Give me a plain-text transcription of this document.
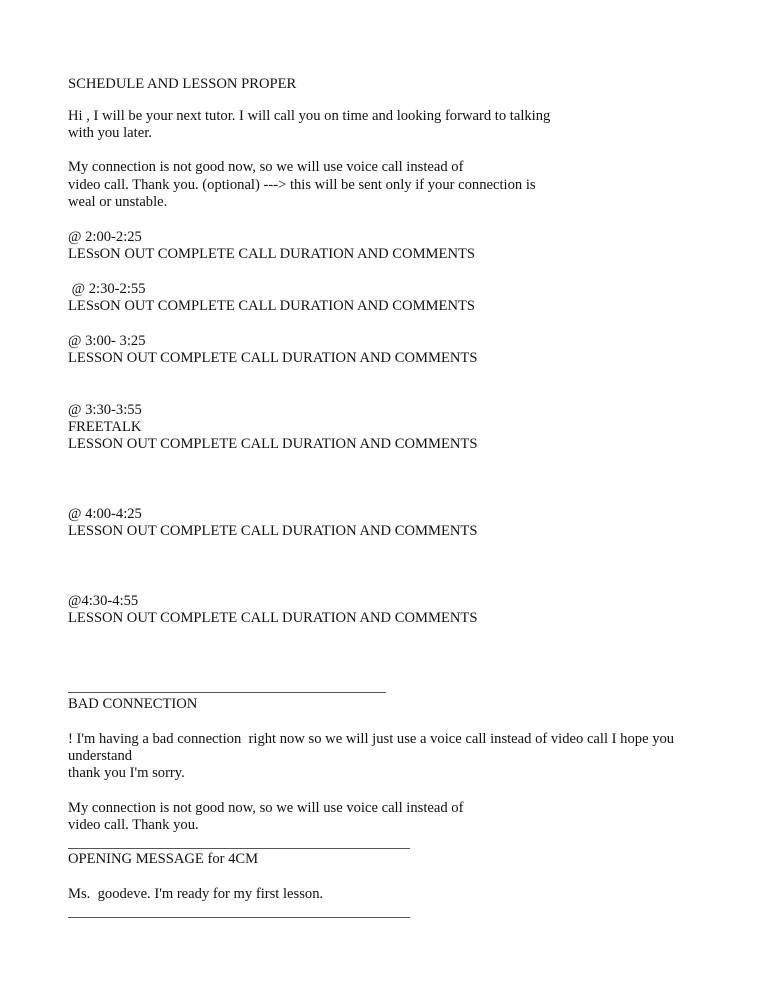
SCHEDULE AND LESSON PROPER
Hi , I will be your next tutor. I will call you on time and looking forward to talking
with you later.
My connection is not good now, so we will use voice call instead of
video call. Thank you. (optional) ---> this will be sent only if your connection is
weal or unstable.
@ 2:00-2:25
LESsON OUT COMPLETE CALL DURATION AND COMMENTS
@ 2:30-2:55
LESsON OUT COMPLETE CALL DURATION AND COMMENTS
@ 3:00- 3:25
LESSON OUT COMPLETE CALL DURATION AND COMMENTS
@ 3:30-3:55
FREETALK
LESSON OUT COMPLETE CALL DURATION AND COMMENTS
@ 4:00-4:25
LESSON OUT COMPLETE CALL DURATION AND COMMENTS
@4:30-4:55
LESSON OUT COMPLETE CALL DURATION AND COMMENTS
BAD CONNECTION
! I'm having a bad connection  right now so we will just use a voice call instead of video call I hope you
understand
thank you I'm sorry.
My connection is not good now, so we will use voice call instead of
video call. Thank you.
OPENING MESSAGE for 4CM
Ms.  goodeve. I'm ready for my first lesson.
